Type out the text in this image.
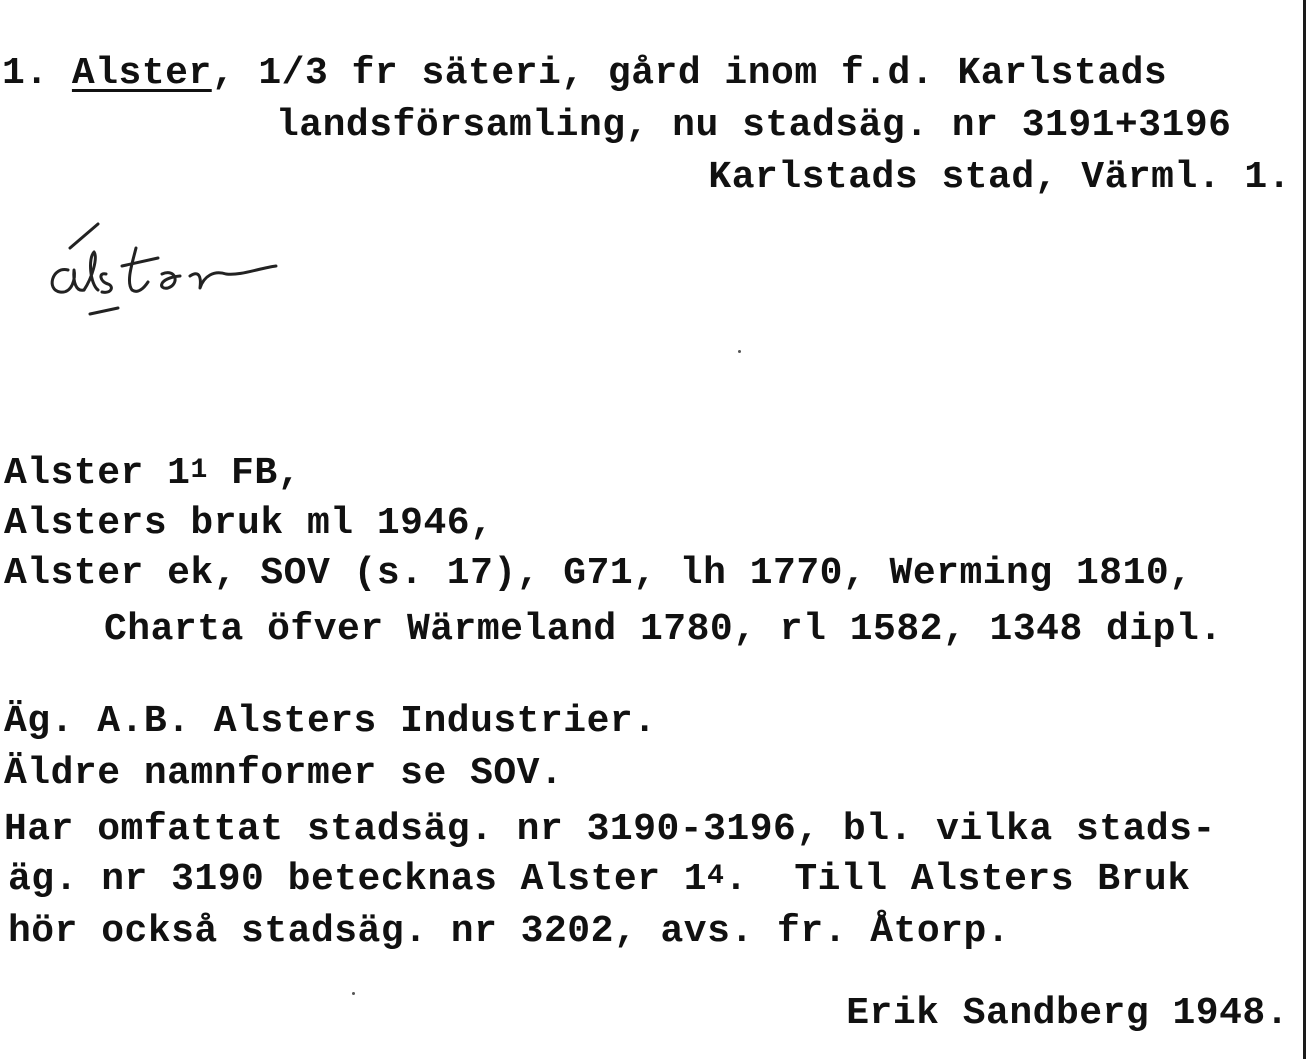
1. Alster, 1/3 fr säteri, gård inom f.d. Karlstads
landsförsamling, nu stadsäg. nr 3191+3196
Karlstads stad, Värml. 1.
Alster $1^1$ FB,
Alsters bruk ml 1946,
Alster ek, SOV (s. 17), G71, lh 1770, Werming 1810,
Charta öfver Wärmeland 1780, rl 1582, 1348 dipl.
Äg. A.B. Alsters Industrier.
Äldre namnformer se SOV.
Har omfattat stadsäg. nr 3190-3196, bl. vilka stads-
äg. nr 3190 betecknas Alster $1^4$.  Till Alsters Bruk
hör också stadsäg. nr 3202, avs. fr. Åtorp.
Erik Sandberg 1948.
